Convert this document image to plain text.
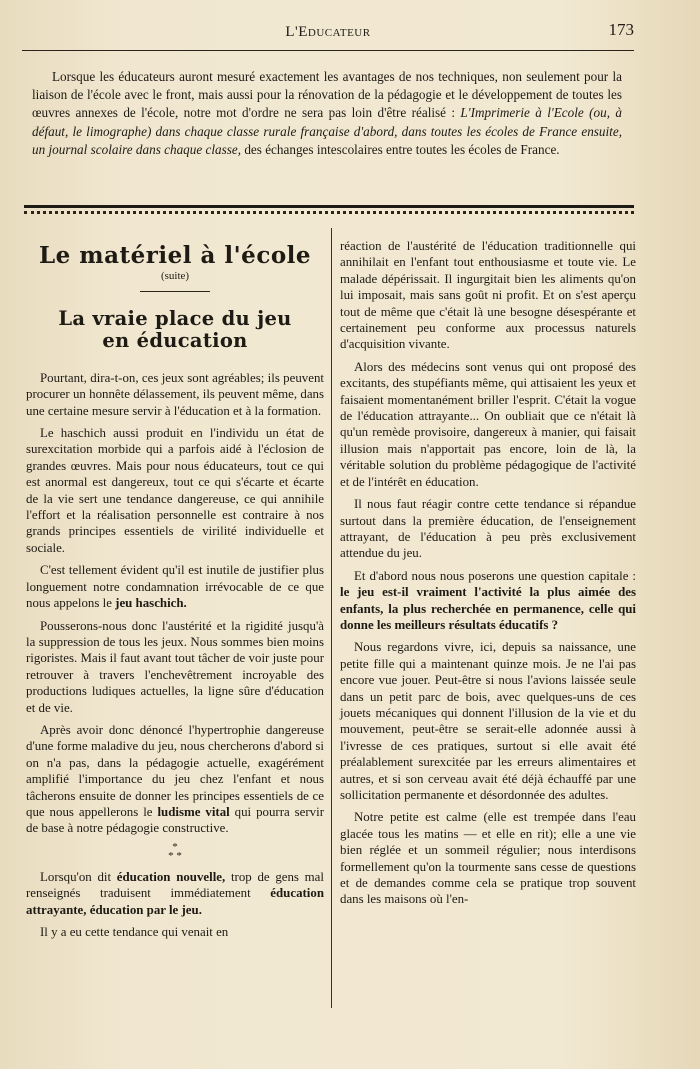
L'Educateur	173
Lorsque les éducateurs auront mesuré exactement les avantages de nos techniques, non seulement pour la liaison de l'école avec le front, mais aussi pour la rénovation de la pédagogie et le développement de toutes les œuvres annexes de l'école, notre mot d'ordre ne sera pas loin d'être réalisé : L'Imprimerie à l'Ecole (ou, à défaut, le limographe) dans chaque classe rurale française d'abord, dans toutes les écoles de France ensuite, un journal scolaire dans chaque classe, des échanges intescolaires entre toutes les écoles de France.
Le matériel à l'école
(suite)
La vraie place du jeu
en éducation

Pourtant, dira-t-on, ces jeux sont agréables; ils peuvent procurer un honnête délassement, ils peuvent même, dans une certaine mesure servir à l'éducation et à la formation.

Le haschich aussi produit en l'individu un état de surexcitation morbide qui a parfois aidé à l'éclosion de grandes œuvres. Mais pour nous éducateurs, tout ce qui est anormal est dangereux, tout ce qui s'écarte et écarte de la vie sert une tendance dangereuse, ce qui annihile l'effort et la réalisation personnelle est contraire à nos grands principes essentiels de virilité individuelle et sociale.

C'est tellement évident qu'il est inutile de justifier plus longuement notre condamnation irrévocable de ce que nous appelons le jeu haschich.

Pousserons-nous donc l'austérité et la rigidité jusqu'à la suppression de tous les jeux. Nous sommes bien moins rigoristes. Mais il faut avant tout tâcher de voir juste pour retrouver à travers l'enchevêtrement incroyable des productions ludiques actuelles, la ligne sûre d'éducation et de vie.

Après avoir donc dénoncé l'hypertrophie dangereuse d'une forme maladive du jeu, nous chercherons d'abord si on n'a pas, dans la pédagogie actuelle, exagérément amplifié l'importance du jeu chez l'enfant et nous tâcherons ensuite de donner les principes essentiels de ce que nous appellerons le ludisme vital qui pourra servir de base à notre pédagogie constructive.

*
* *

Lorsqu'on dit éducation nouvelle, trop de gens mal renseignés traduisent immédiatement éducation attrayante, éducation par le jeu.

Il y a eu cette tendance qui venait en

réaction de l'austérité de l'éducation traditionnelle qui annihilait en l'enfant tout enthousiasme et toute vie. Le malade dépérissait. Il ingurgitait bien les aliments qu'on lui imposait, mais sans goût ni profit. Et on s'est aperçu tout de même que c'était là une besogne désespérante et certainement peu conforme aux processus naturels d'acquisition vivante.

Alors des médecins sont venus qui ont proposé des excitants, des stupéfiants même, qui attisaient les yeux et faisaient momentanément briller l'esprit. C'était la vogue de l'éducation attrayante... On oubliait que ce n'était là qu'un remède provisoire, dangereux à manier, qui faisait illusion mais n'apportait pas encore, loin de là, la véritable solution du problème pédagogique de l'activité et de l'intérêt en éducation.

Il nous faut réagir contre cette tendance si répandue surtout dans la première éducation, de l'enseignement attrayant, de l'éducation à peu près exclusivement attendue du jeu.

Et d'abord nous nous poserons une question capitale : le jeu est-il vraiment l'activité la plus aimée des enfants, la plus recherchée en permanence, celle qui donne les meilleurs résultats éducatifs ?

Nous regardons vivre, ici, depuis sa naissance, une petite fille qui a maintenant quinze mois. Je ne l'ai pas encore vue jouer. Peut-être si nous l'avions laissée seule dans un petit parc de bois, avec quelques-uns de ces jouets mécaniques qui donnent l'illusion de la vie et du mouvement, peut-être se serait-elle adonnée aussi à l'ivresse de ces pratiques, surtout si elle avait été préalablement surexcitée par les erreurs alimentaires et autres, et si son cerveau avait été déjà échauffé par une sollicitation permanente et désordonnée des adultes.

Notre petite est calme (elle est trempée dans l'eau glacée tous les matins — et elle en rit); elle a une vie bien réglée et un sommeil régulier; nous interdisons formellement qu'on la tourmente sans cesse de questions et de demandes comme cela se pratique trop souvent dans les maisons où l'en-
